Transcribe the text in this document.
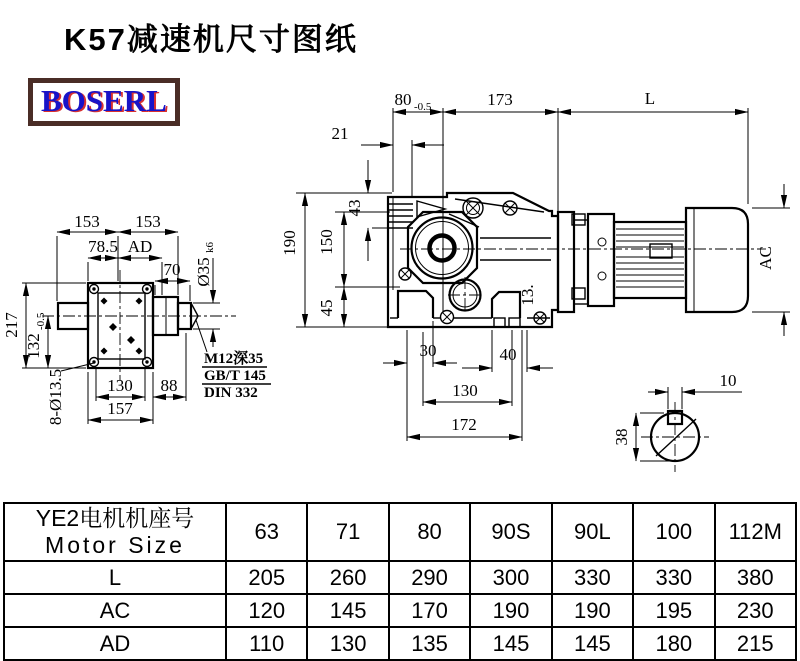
K57减速机尺寸图纸
BOSERL
153 153
78.5 AD
70 Ø35
k6
217
132
-0.5
8-Ø13.5 130 88
157
M12深35
GB/T 145
DIN 332
21
80 -0.5	173	L
43
190 150
45
30	40
130
172
13.
AC
10
38
YE2电机机座号
Motor Size	63	71	80	90S	90L	100	112M
L	205	260	290	300	330	330	380
AC	120	145	170	190	190	195	230
AD	110	130	135	145	145	180	215
